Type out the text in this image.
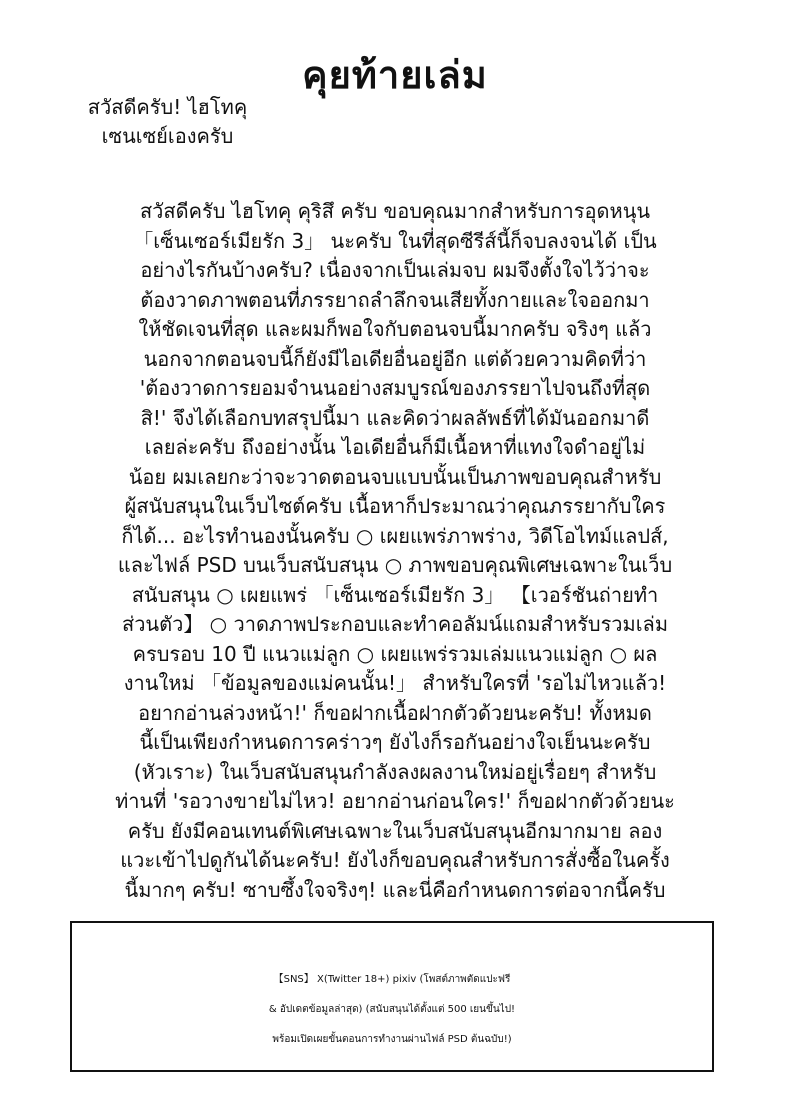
คุยท้ายเล่ม
สวัสดีครับ! ไฮโทคุ
เซนเซย์เองครับ
สวัสดีครับ ไฮโทคุ คุริสึ ครับ ขอบคุณมากสำหรับการอุดหนุน
「เซ็นเซอร์เมียรัก 3」 นะครับ ในที่สุดซีรีส์นี้ก็จบลงจนได้ เป็น
อย่างไรกันบ้างครับ? เนื่องจากเป็นเล่มจบ ผมจึงตั้งใจไว้ว่าจะ
ต้องวาดภาพตอนที่ภรรยาถลำลึกจนเสียทั้งกายและใจออกมา
ให้ชัดเจนที่สุด และผมก็พอใจกับตอนจบนี้มากครับ จริงๆ แล้ว
นอกจากตอนจบนี้ก็ยังมีไอเดียอื่นอยู่อีก แต่ด้วยความคิดที่ว่า
'ต้องวาดการยอมจำนนอย่างสมบูรณ์ของภรรยาไปจนถึงที่สุด
สิ!' จึงได้เลือกบทสรุปนี้มา และคิดว่าผลลัพธ์ที่ได้มันออกมาดี
เลยล่ะครับ ถึงอย่างนั้น ไอเดียอื่นก็มีเนื้อหาที่แทงใจดำอยู่ไม่
น้อย ผมเลยกะว่าจะวาดตอนจบแบบนั้นเป็นภาพขอบคุณสำหรับ
ผู้สนับสนุนในเว็บไซต์ครับ เนื้อหาก็ประมาณว่าคุณภรรยากับใคร
ก็ได้... อะไรทำนองนั้นครับ ○ เผยแพร่ภาพร่าง, วิดีโอไทม์แลปส์,
และไฟล์ PSD บนเว็บสนับสนุน ○ ภาพขอบคุณพิเศษเฉพาะในเว็บ
สนับสนุน ○ เผยแพร่ 「เซ็นเซอร์เมียรัก 3」 【เวอร์ชันถ่ายทำ
ส่วนตัว】 ○ วาดภาพประกอบและทำคอลัมน์แถมสำหรับรวมเล่ม
ครบรอบ 10 ปี แนวแม่ลูก ○ เผยแพร่รวมเล่มแนวแม่ลูก ○ ผล
งานใหม่ 「ข้อมูลของแม่คนนั้น!」 สำหรับใครที่ 'รอไม่ไหวแล้ว!
อยากอ่านล่วงหน้า!' ก็ขอฝากเนื้อฝากตัวด้วยนะครับ! ทั้งหมด
นี้เป็นเพียงกำหนดการคร่าวๆ ยังไงก็รอกันอย่างใจเย็นนะครับ
(หัวเราะ) ในเว็บสนับสนุนกำลังลงผลงานใหม่อยู่เรื่อยๆ สำหรับ
ท่านที่ 'รอวางขายไม่ไหว! อยากอ่านก่อนใคร!' ก็ขอฝากตัวด้วยนะ
ครับ ยังมีคอนเทนต์พิเศษเฉพาะในเว็บสนับสนุนอีกมากมาย ลอง
แวะเข้าไปดูกันได้นะครับ! ยังไงก็ขอบคุณสำหรับการสั่งซื้อในครั้ง
นี้มากๆ ครับ! ซาบซึ้งใจจริงๆ! และนี่คือกำหนดการต่อจากนี้ครับ
【SNS】 X(Twitter 18+) pixiv (โพสต์ภาพตัดแปะฟรี
& อัปเดตข้อมูลล่าสุด) (สนับสนุนได้ตั้งแต่ 500 เยนขึ้นไป!
พร้อมเปิดเผยขั้นตอนการทำงานผ่านไฟล์ PSD ต้นฉบับ!)
